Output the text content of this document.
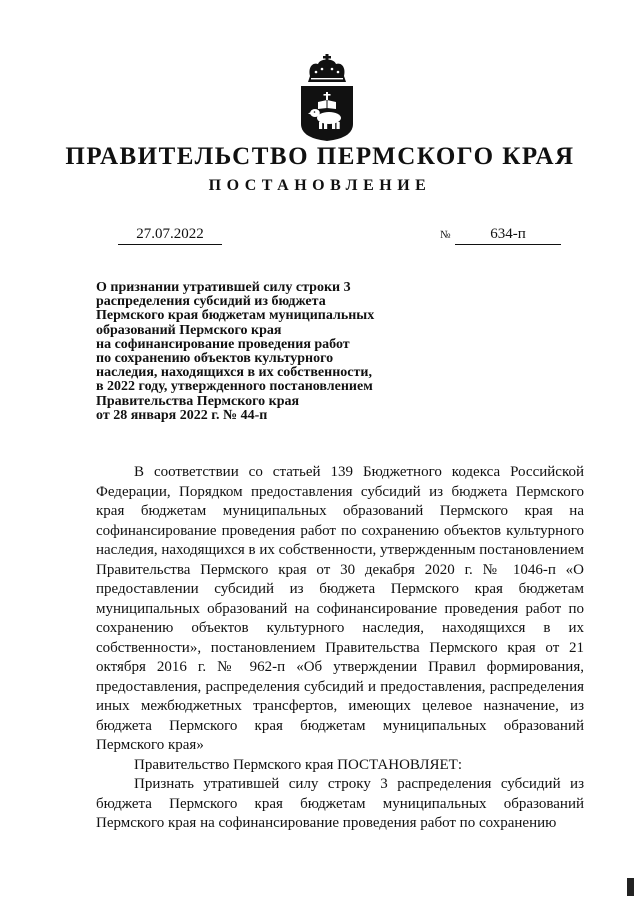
ПРАВИТЕЛЬСТВО ПЕРМСКОГО КРАЯ
ПОСТАНОВЛЕНИЕ
27.07.2022	№	634-п
О признании утратившей силу строки 3
распределения субсидий из бюджета
Пермского края бюджетам муниципальных
образований Пермского края
на софинансирование проведения работ
по сохранению объектов культурного
наследия, находящихся в их собственности,
в 2022 году, утвержденного постановлением
Правительства Пермского края
от 28 января 2022 г. № 44-п

В соответствии со статьей 139 Бюджетного кодекса Российской Федерации, Порядком предоставления субсидий из бюджета Пермского края бюджетам муниципальных образований Пермского края на софинансирование проведения работ по сохранению объектов культурного наследия, находящихся в их собственности, утвержденным постановлением Правительства Пермского края от 30 декабря 2020 г. № 1046-п «О предоставлении субсидий из бюджета Пермского края бюджетам муниципальных образований на софинансирование проведения работ по сохранению объектов культурного наследия, находящихся в их собственности», постановлением Правительства Пермского края от 21 октября 2016 г. № 962-п «Об утверждении Правил формирования, предоставления, распределения субсидий и предоставления, распределения иных межбюджетных трансфертов, имеющих целевое назначение, из бюджета Пермского края бюджетам муниципальных образований Пермского края»

Правительство Пермского края ПОСТАНОВЛЯЕТ:

Признать утратившей силу строку 3 распределения субсидий из бюджета Пермского края бюджетам муниципальных образований Пермского края на софинансирование проведения работ по сохранению
